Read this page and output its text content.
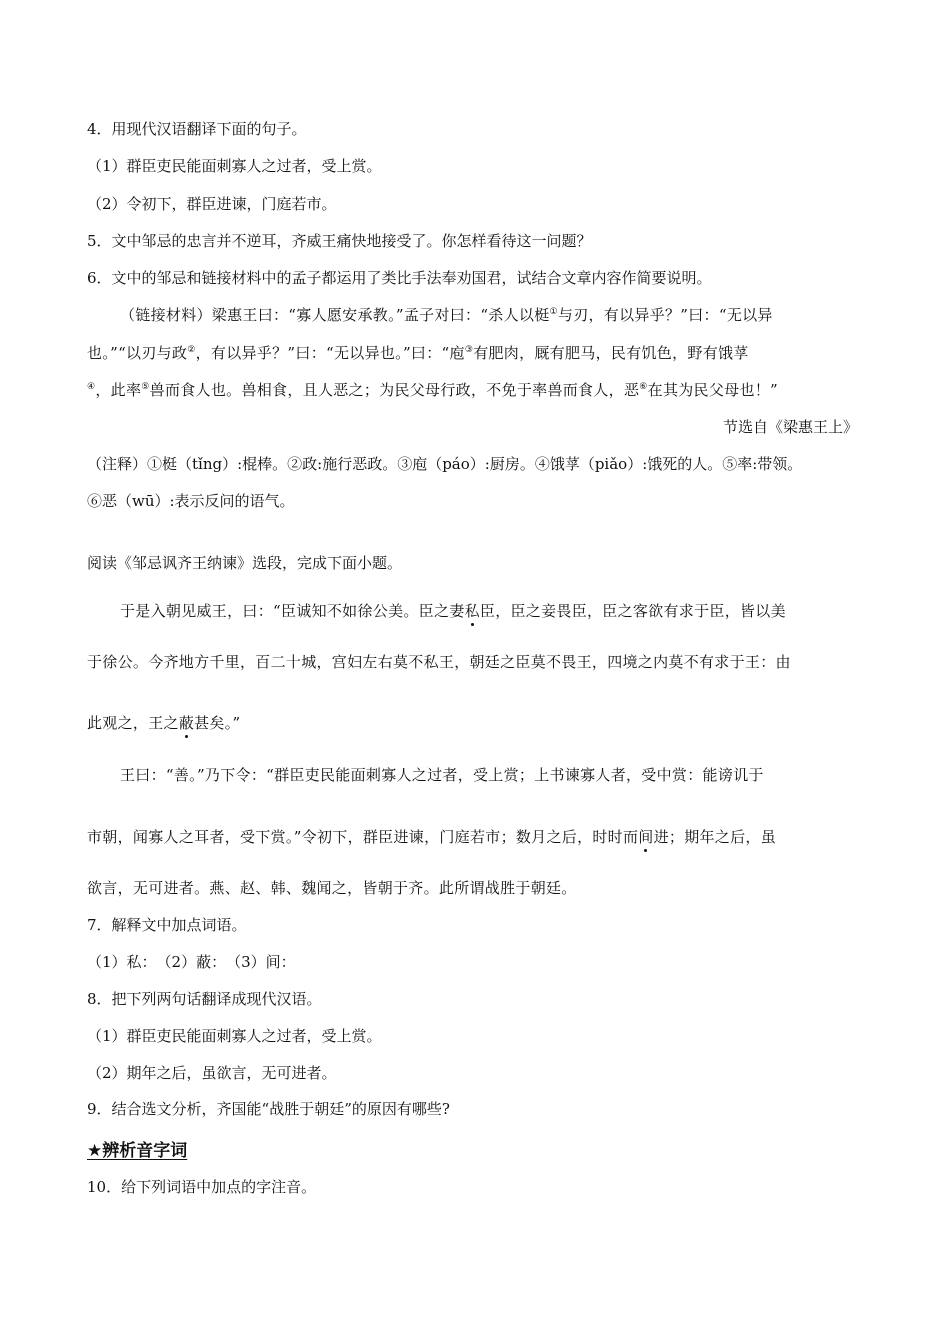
4．用现代汉语翻译下面的句子。
（1）群臣吏民能面刺寡人之过者，受上赏。
（2）令初下，群臣进谏，门庭若市。
5．文中邹忌的忠言并不逆耳，齐威王痛快地接受了。你怎样看待这一问题？
6．文中的邹忌和链接材料中的孟子都运用了类比手法奉劝国君，试结合文章内容作简要说明。
（链接材料）梁惠王曰：“寡人愿安承教。”孟子对曰：“杀人以梃①与刃，有以异乎？”曰：“无以异
也。”“以刃与政②，有以异乎？”曰：“无以异也。”曰：“庖③有肥肉，厩有肥马，民有饥色，野有饿莩
④，此率⑤兽而食人也。兽相食，且人恶之；为民父母行政，不免于率兽而食人，恶⑥在其为民父母也！”
节选自《梁惠王上》
（注释）①梃（tǐng）:棍棒。②政:施行恶政。③庖（páo）:厨房。④饿莩（piǎo）:饿死的人。⑤率:带领。
⑥恶（wū）:表示反问的语气。
阅读《邹忌讽齐王纳谏》选段，完成下面小题。
于是入朝见威王，曰：“臣诚知不如徐公美。臣之妻私臣，臣之妾畏臣，臣之客欲有求于臣，皆以美
于徐公。今齐地方千里，百二十城，宫妇左右莫不私王，朝廷之臣莫不畏王，四境之内莫不有求于王：由
此观之，王之蔽甚矣。”
王曰：“善。”乃下令：“群臣吏民能面刺寡人之过者，受上赏；上书谏寡人者，受中赏：能谤讥于
市朝，闻寡人之耳者，受下赏。”令初下，群臣进谏，门庭若市；数月之后，时时而间进；期年之后，虽
欲言，无可进者。燕、赵、韩、魏闻之，皆朝于齐。此所谓战胜于朝廷。
7．解释文中加点词语。
（1）私：　（2）蔽：　（3）间：
8．把下列两句话翻译成现代汉语。
（1）群臣吏民能面刺寡人之过者，受上赏。
（2）期年之后，虽欲言，无可进者。
9．结合选文分析，齐国能“战胜于朝廷”的原因有哪些?
★辨析音字词
10．给下列词语中加点的字注音。
